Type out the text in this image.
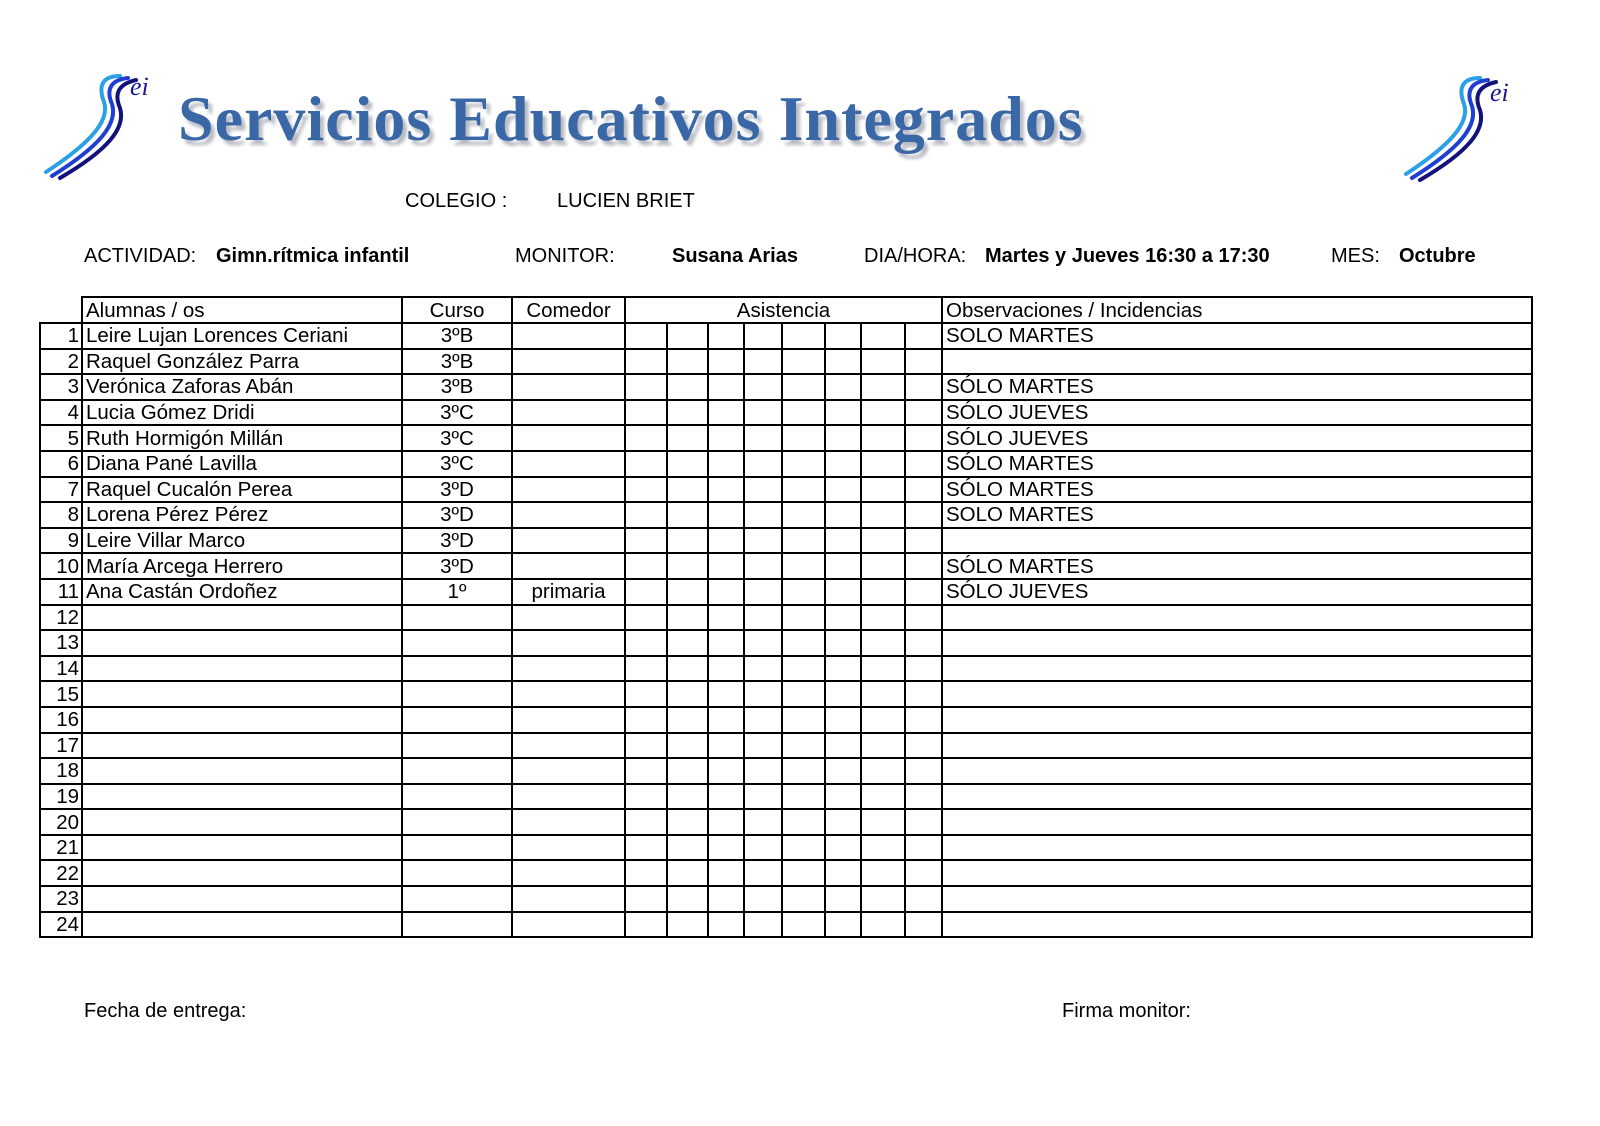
ei Servicios Educativos Integrados	ei
COLEGIO : LUCIEN BRIET
ACTIVIDAD: Gimn.rítmica infantil	MONITOR:	Susana Arias	DIA/HORA: Martes y Jueves 16:30 a 17:30	MES: Octubre
	Alumnas / os	Curso	Comedor	Asistencia								Observaciones / Incidencias
1	Leire Lujan Lorences Ceriani	3ºB										SOLO MARTES
2	Raquel González Parra	3ºB										
3	Verónica Zaforas Abán	3ºB										SÓLO MARTES
4	Lucia Gómez Dridi	3ºC										SÓLO JUEVES
5	Ruth Hormigón Millán	3ºC										SÓLO JUEVES
6	Diana Pané Lavilla	3ºC										SÓLO MARTES
7	Raquel Cucalón Perea	3ºD										SÓLO MARTES
8	Lorena Pérez Pérez	3ºD										SOLO MARTES
9	Leire Villar Marco	3ºD										
10	María Arcega Herrero	3ºD										SÓLO MARTES
11	Ana Castán Ordoñez	1º	primaria									SÓLO JUEVES
12												
13												
14												
15												
16												
17												
18												
19												
20												
21												
22												
23												
24												
Fecha de entrega:	Firma monitor:
